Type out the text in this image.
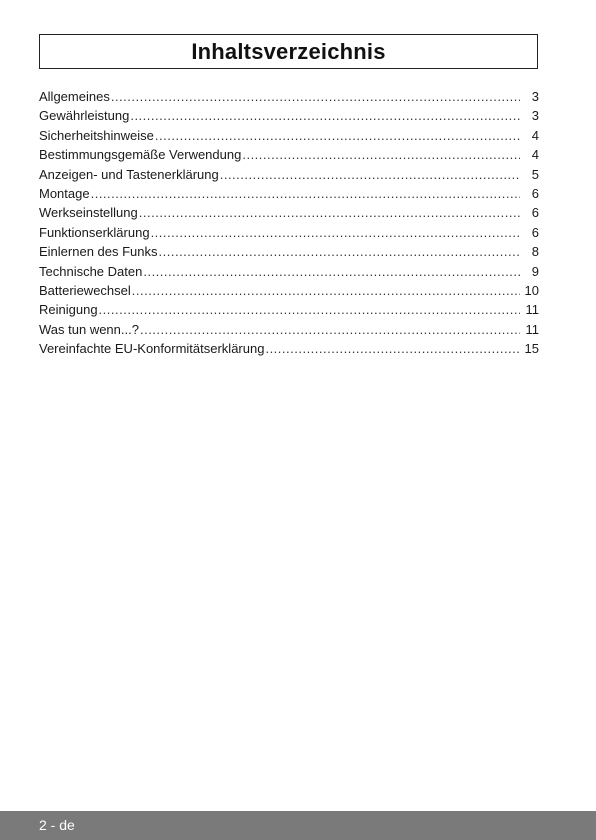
Inhaltsverzeichnis
Allgemeines .....	3
Gewährleistung .....	3
Sicherheitshinweise .....	4
Bestimmungsgemäße Verwendung .....	4
Anzeigen- und Tastenerklärung .....	5
Montage .....	6
Werkseinstellung .....	6
Funktionserklärung .....	6
Einlernen des Funks .....	8
Technische Daten .....	9
Batteriewechsel .....	10
Reinigung .....	11
Was tun wenn...? .....	11
Vereinfachte EU-Konformitätserklärung .....	15
2 - de
